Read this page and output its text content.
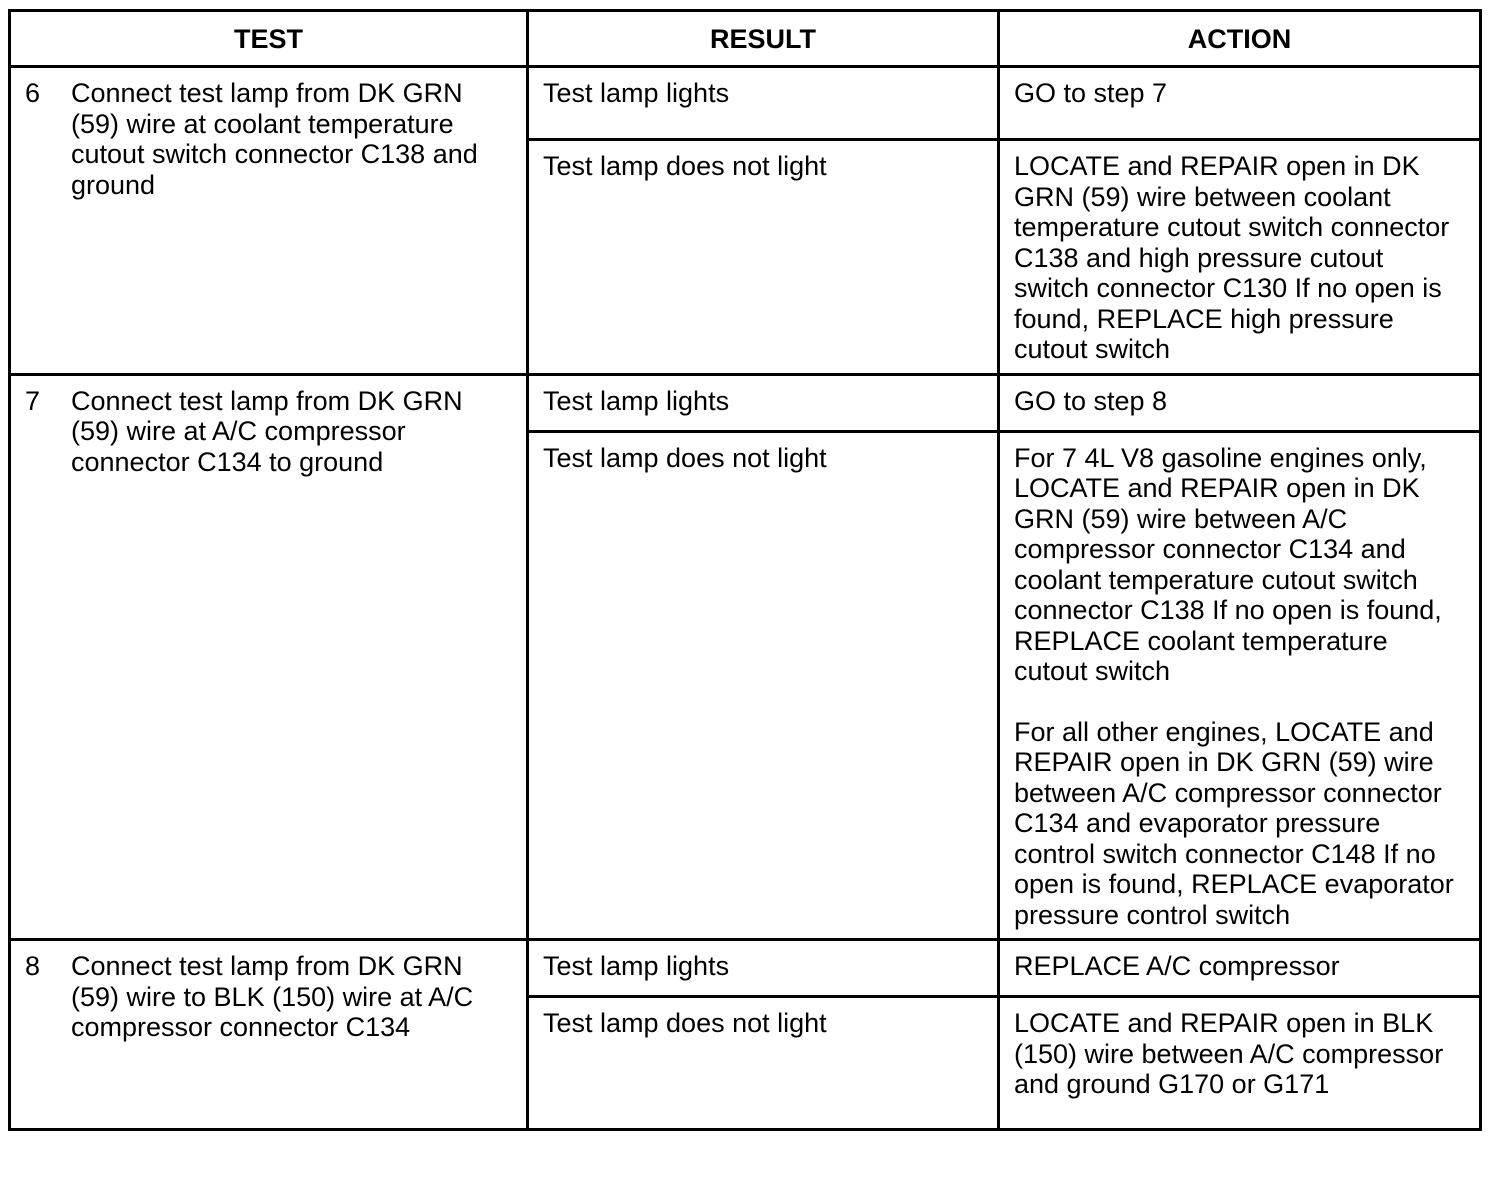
TEST	RESULT	ACTION

6 Connect test lamp from DK GRN (59) wire at coolant temperature cutout switch connector C138 and ground	Test lamp lights	GO to step 7

	Test lamp does not light	LOCATE and REPAIR open in DK GRN (59) wire between coolant temperature cutout switch connector C138 and high pressure cutout switch connector C130 If no open is found, REPLACE high pressure cutout switch

7 Connect test lamp from DK GRN (59) wire at A/C compressor connector C134 to ground	Test lamp lights	GO to step 8

	Test lamp does not light	For 7 4L V8 gasoline engines only, LOCATE and REPAIR open in DK GRN (59) wire between A/C compressor connector C134 and coolant temperature cutout switch connector C138 If no open is found, REPLACE coolant temperature cutout switch

For all other engines, LOCATE and REPAIR open in DK GRN (59) wire between A/C compressor connector C134 and evaporator pressure control switch connector C148 If no open is found, REPLACE evaporator pressure control switch

8 Connect test lamp from DK GRN (59) wire to BLK (150) wire at A/C compressor connector C134	Test lamp lights	REPLACE A/C compressor

	Test lamp does not light	LOCATE and REPAIR open in BLK (150) wire between A/C compressor and ground G170 or G171
